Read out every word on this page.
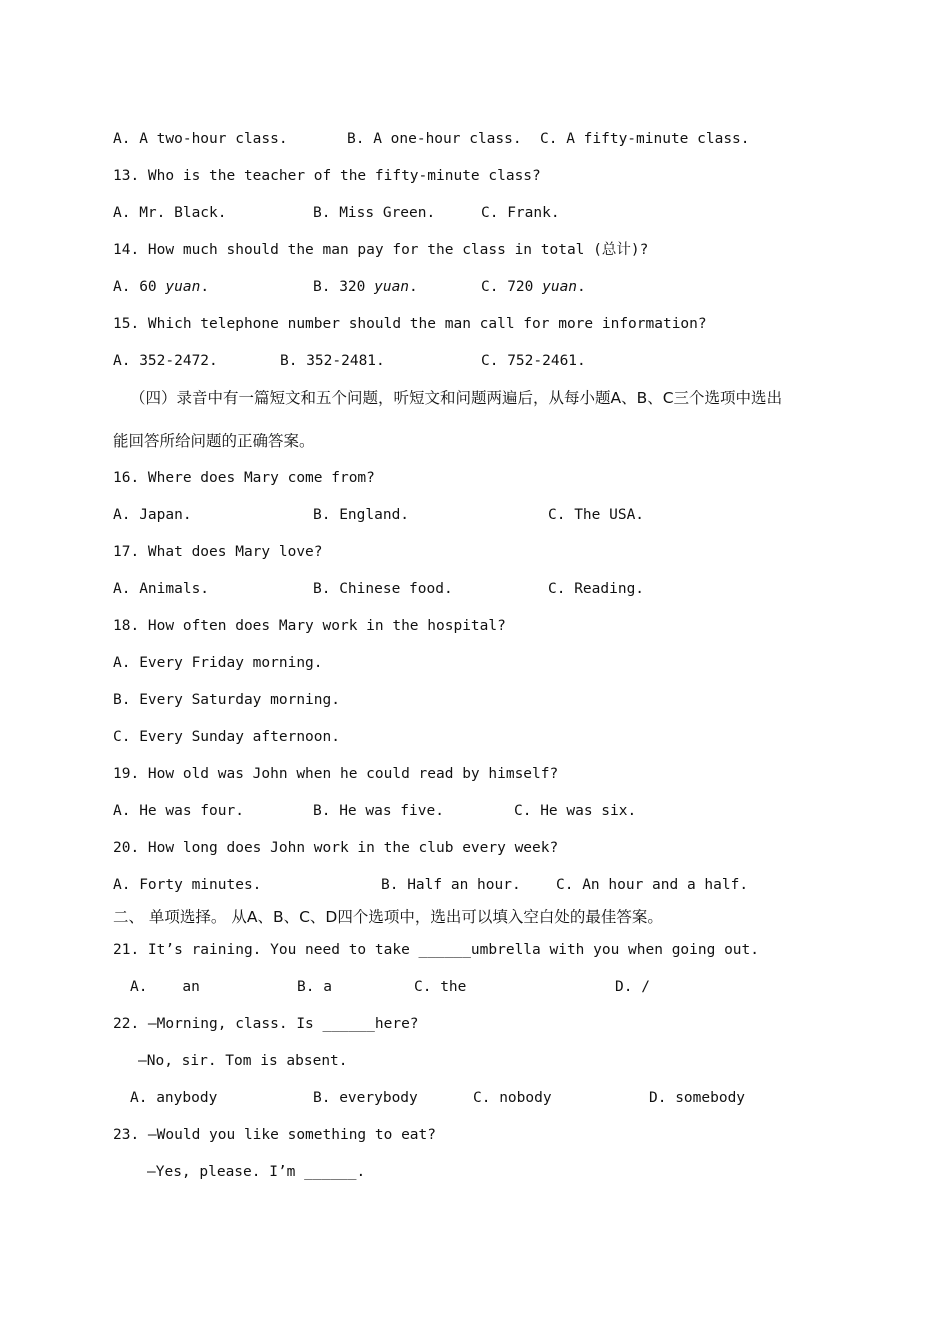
A. A two-hour class.	B. A one-hour class. C. A fifty-minute class.
13. Who is the teacher of the fifty-minute class?
A. Mr. Black.	B. Miss Green.	C. Frank.
14. How much should the man pay for the class in total (总计)?
A. 60 yuan.	B. 320 yuan.	C. 720 yuan.
15. Which telephone number should the man call for more information?
A. 352-2472.	B. 352-2481.	C. 752-2461.
（四）录音中有一篇短文和五个问题，听短文和问题两遍后，从每小题A、B、C三个选项中选出
能回答所给问题的正确答案。
16. Where does Mary come from?
A. Japan.	B. England.	C. The USA.
17. What does Mary love?
A. Animals.	B. Chinese food.	C. Reading.
18. How often does Mary work in the hospital?
A. Every Friday morning.
B. Every Saturday morning.
C. Every Sunday afternoon.
19. How old was John when he could read by himself?
A. He was four.	B. He was five.	C. He was six.
20. How long does John work in the club every week?
A. Forty minutes.	B. Half an hour. C. An hour and a half.
二、 单项选择。 从A、B、C、D四个选项中，选出可以填入空白处的最佳答案。
21. It’s raining. You need to take ______umbrella with you when going out.
A.    an	B. a	C. the	D. /
22. —Morning, class. Is ______here?
—No, sir. Tom is absent.
A. anybody	B. everybody	C. nobody	D. somebody
23. —Would you like something to eat?
—Yes, please. I’m ______.
